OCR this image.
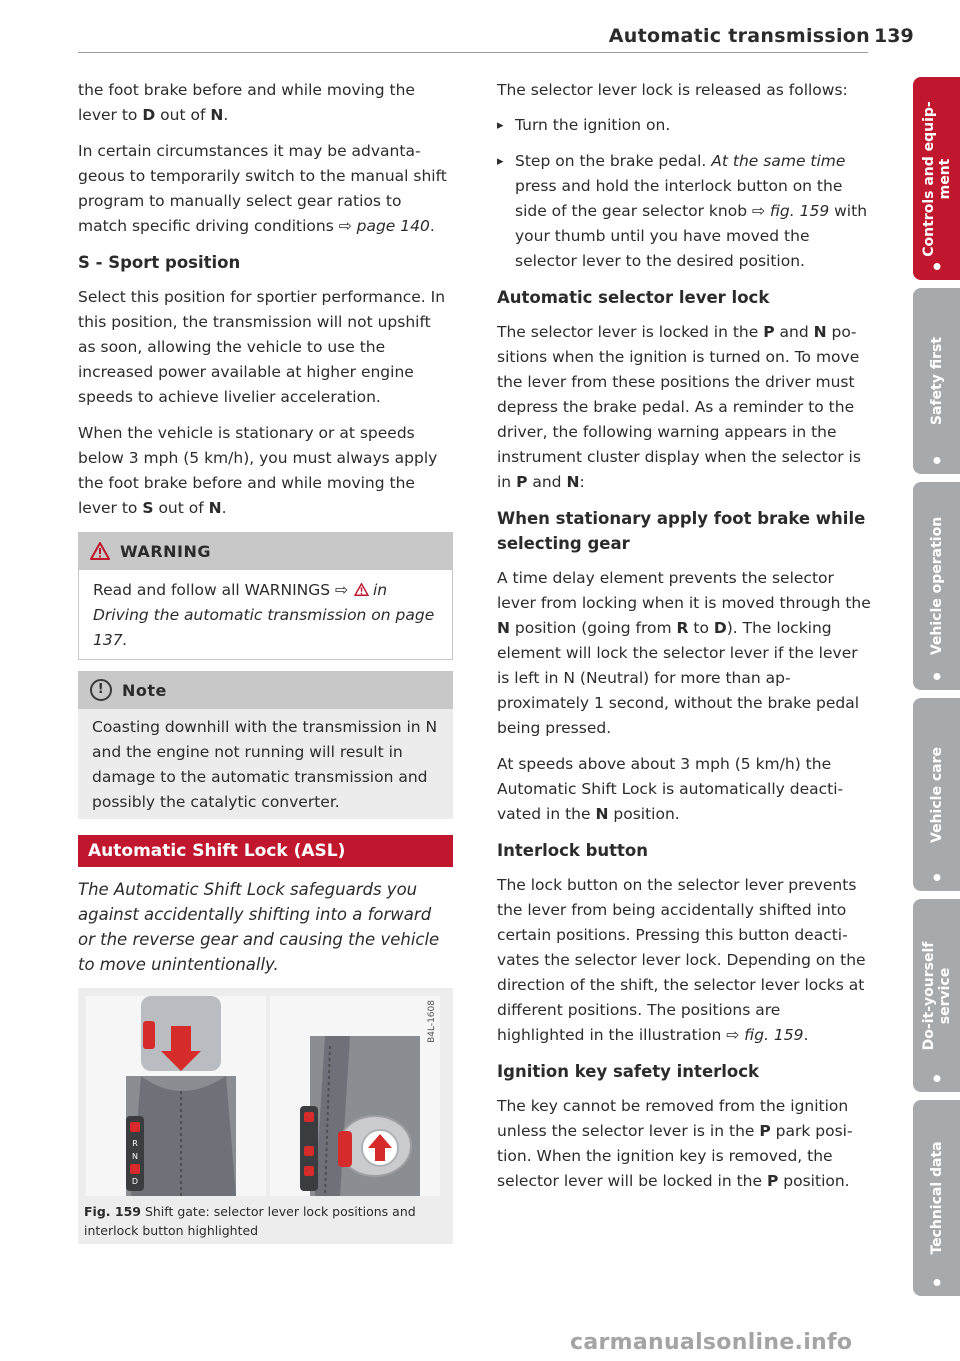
Automatic transmission 139

the foot brake before and while moving the lever to D out of N.

In certain circumstances it may be advantageous to temporarily switch to the manual shift program to manually select gear ratios to match specific driving conditions ⇨ page 140.

S - Sport position

Select this position for sportier performance. In this position, the transmission will not upshift as soon, allowing the vehicle to use the increased power available at higher engine speeds to achieve livelier acceleration.

When the vehicle is stationary or at speeds below 3 mph (5 km/h), you must always apply the foot brake before and while moving the lever to S out of N.

WARNING
Read and follow all WARNINGS ⇨ in Driving the automatic transmission on page 137.
!	Note
Coasting downhill with the transmission in N and the engine not running will result in damage to the automatic transmission and possibly the catalytic converter.
Automatic Shift Lock (ASL)

The Automatic Shift Lock safeguards you against accidentally shifting into a forward or the reverse gear and causing the vehicle to move unintentionally.

R
N
D
B4L-1608
Fig. 159 Shift gate: selector lever lock positions and interlock button highlighted

The selector lever lock is released as follows:

▸ Turn the ignition on.

▸ Step on the brake pedal. At the same time press and hold the interlock button on the side of the gear selector knob ⇨ fig. 159 with your thumb until you have moved the selector lever to the desired position.

Automatic selector lever lock

The selector lever is locked in the P and N positions when the ignition is turned on. To move the lever from these positions the driver must depress the brake pedal. As a reminder to the driver, the following warning appears in the instrument cluster display when the selector is in P and N:

When stationary apply foot brake while selecting gear

A time delay element prevents the selector lever from locking when it is moved through the N position (going from R to D). The locking element will lock the selector lever if the lever is left in N (Neutral) for more than approximately 1 second, without the brake pedal being pressed.

At speeds above about 3 mph (5 km/h) the Automatic Shift Lock is automatically deactivated in the N position.

Interlock button

The lock button on the selector lever prevents the lever from being accidentally shifted into certain positions. Pressing this button deactivates the selector lever lock. Depending on the direction of the shift, the selector lever locks at different positions. The positions are highlighted in the illustration ⇨ fig. 159.

Ignition key safety interlock

The key cannot be removed from the ignition unless the selector lever is in the P park position. When the ignition key is removed, the selector lever will be locked in the P position.

Controls and equip-
ment
Safety first
Vehicle operation
Vehicle care
Do-it-yourself
service
Technical data
carmanualsonline.info
